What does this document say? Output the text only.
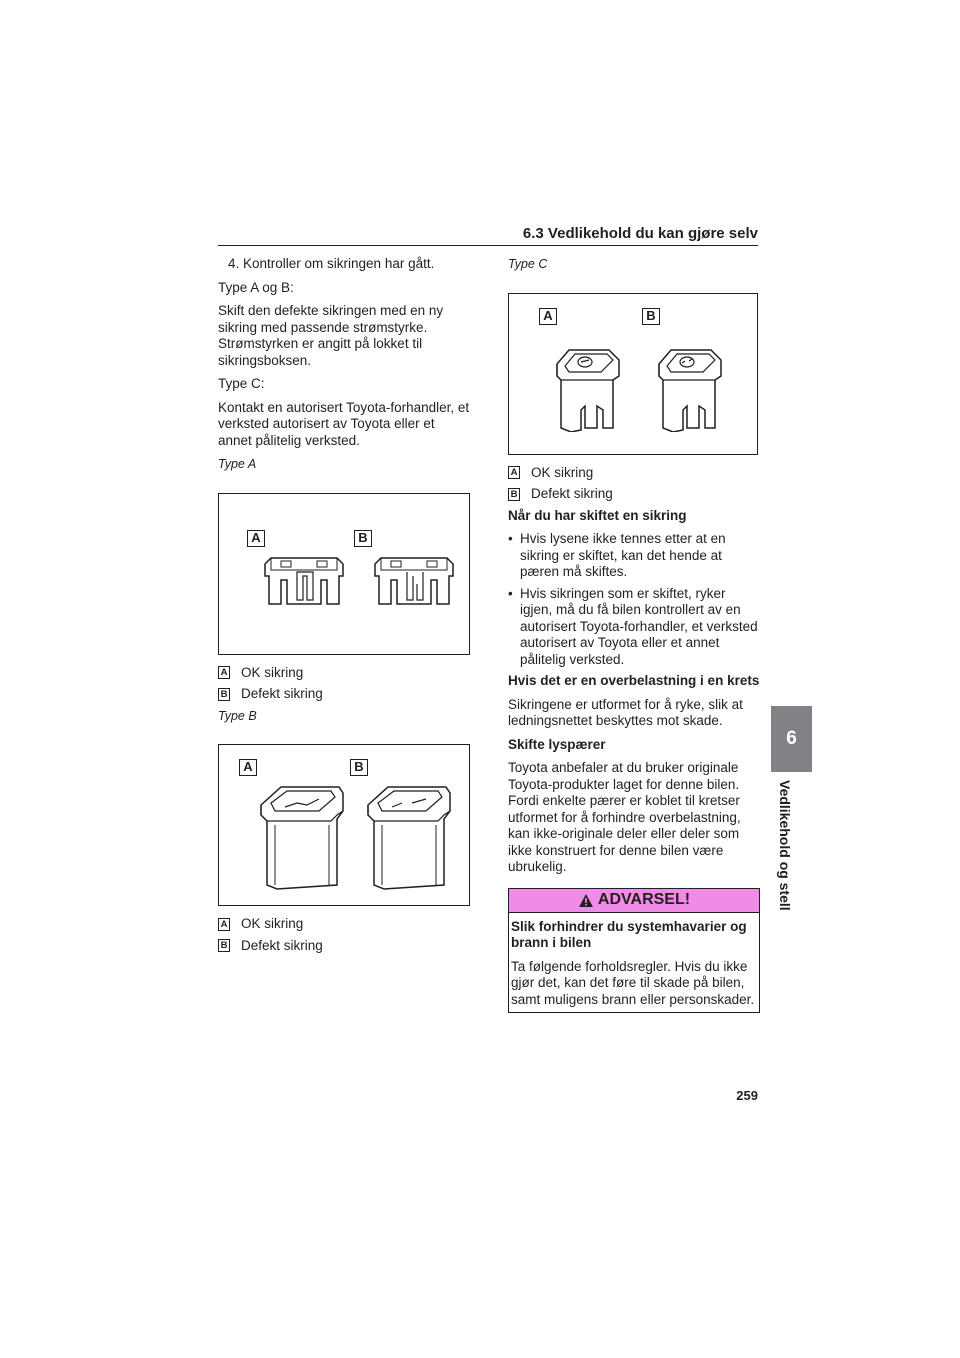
6.3 Vedlikehold du kan gjøre selv

4. Kontroller om sikringen har gått.

Type A og B:

Skift den defekte sikringen med en ny sikring med passende strømstyrke. Strømstyrken er angitt på lokket til sikringsboksen.

Type C:

Kontakt en autorisert Toyota-forhandler, et verksted autorisert av Toyota eller et annet pålitelig verksted.

Type A

A	B
A OK sikring
B Defekt sikring

Type B

A	B
A OK sikring
B Defekt sikring

Type C

A	B
A OK sikring
B Defekt sikring

Når du har skiftet en sikring

• Hvis lysene ikke tennes etter at en sikring er skiftet, kan det hende at pæren må skiftes.
• Hvis sikringen som er skiftet, ryker igjen, må du få bilen kontrollert av en autorisert Toyota-forhandler, et verksted autorisert av Toyota eller et annet pålitelig verksted.

Hvis det er en overbelastning i en krets

Sikringene er utformet for å ryke, slik at ledningsnettet beskyttes mot skade.

Skifte lyspærer

Toyota anbefaler at du bruker originale Toyota-produkter laget for denne bilen. Fordi enkelte pærer er koblet til kretser utformet for å forhindre overbelastning, kan ikke-originale deler eller deler som ikke konstruert for denne bilen være ubrukelig.

ADVARSEL!

Slik forhindrer du systemhavarier og brann i bilen

Ta følgende forholdsregler. Hvis du ikke gjør det, kan det føre til skade på bilen, samt muligens brann eller personskader.

6
Vedlikehold og stell
259
